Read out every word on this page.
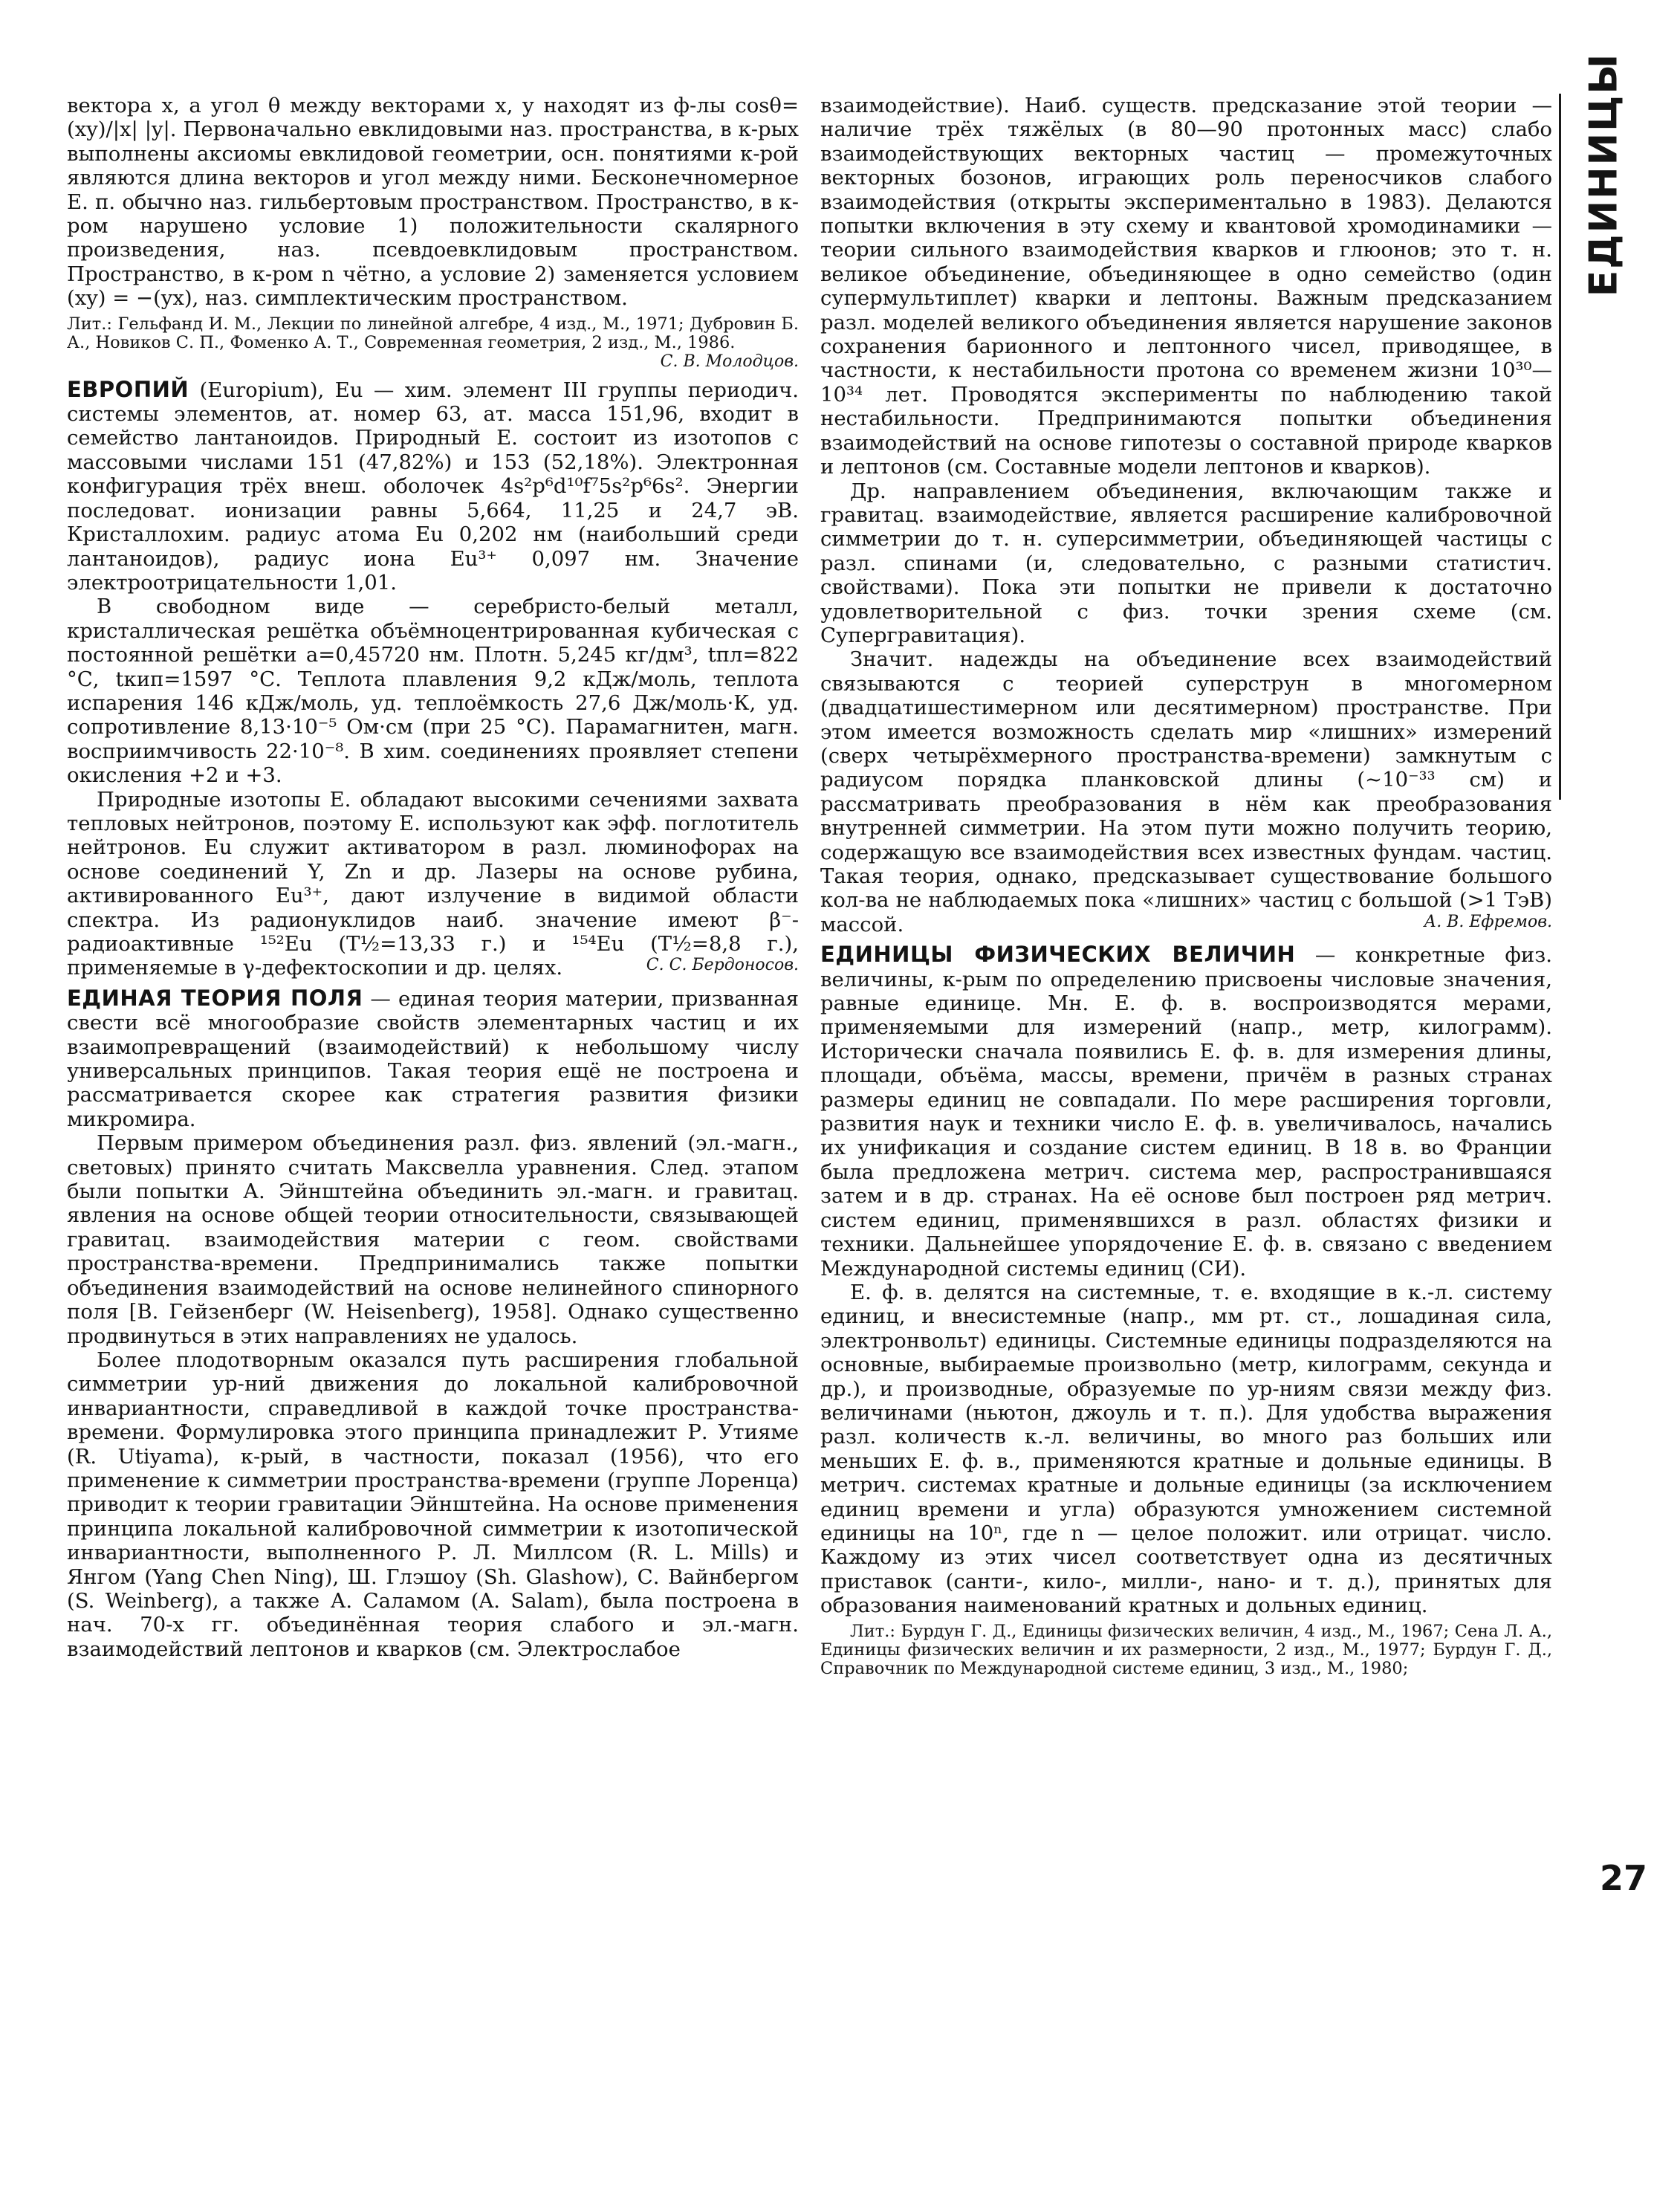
ЕДИНИЦЫ

вектора x, а угол θ между векторами x, y находят из ф-лы cosθ=(xy)/|x| |y|. Первоначально евклидовыми наз. пространства, в к-рых выполнены аксиомы евклидовой геометрии, осн. понятиями к-рой являются длина векторов и угол между ними. Бесконечномерное Е. п. обычно наз. гильбертовым пространством. Пространство, в к-ром нарушено условие 1) положительности скалярного произведения, наз. псевдоевклидовым пространством. Пространство, в к-ром n чётно, а условие 2) заменяется условием (xy) = −(yx), наз. симплектическим пространством.

Лит.: Гельфанд И. М., Лекции по линейной алгебре, 4 изд., М., 1971; Дубровин Б. А., Новиков С. П., Фоменко А. Т., Современная геометрия, 2 изд., М., 1986.

С. В. Молодцов.

ЕВРОПИЙ (Europium), Eu — хим. элемент III группы периодич. системы элементов, ат. номер 63, ат. масса 151,96, входит в семейство лантаноидов. Природный Е. состоит из изотопов с массовыми числами 151 (47,82%) и 153 (52,18%). Электронная конфигурация трёх внеш. оболочек 4s²p⁶d¹⁰f⁷5s²p⁶6s². Энергии последоват. ионизации равны 5,664, 11,25 и 24,7 эВ. Кристаллохим. радиус атома Eu 0,202 нм (наибольший среди лантаноидов), радиус иона Eu³⁺ 0,097 нм. Значение электроотрицательности 1,01.

В свободном виде — серебристо-белый металл, кристаллическая решётка объёмноцентрированная кубическая с постоянной решётки a=0,45720 нм. Плотн. 5,245 кг/дм³, tпл=822 °С, tкип=1597 °С. Теплота плавления 9,2 кДж/моль, теплота испарения 146 кДж/моль, уд. теплоёмкость 27,6 Дж/моль·К, уд. сопротивление 8,13·10⁻⁵ Ом·см (при 25 °С). Парамагнитен, магн. восприимчивость 22·10⁻⁸. В хим. соединениях проявляет степени окисления +2 и +3.

Природные изотопы Е. обладают высокими сечениями захвата тепловых нейтронов, поэтому Е. используют как эфф. поглотитель нейтронов. Eu служит активатором в разл. люминофорах на основе соединений Y, Zn и др. Лазеры на основе рубина, активированного Eu³⁺, дают излучение в видимой области спектра. Из радионуклидов наиб. значение имеют β⁻-радиоактивные ¹⁵²Eu (T½=13,33 г.) и ¹⁵⁴Eu (T½=8,8 г.), применяемые в γ-дефектоскопии и др. целях.	С. С. Бердоносов.

ЕДИНАЯ ТЕОРИЯ ПОЛЯ — единая теория материи, призванная свести всё многообразие свойств элементарных частиц и их взаимопревращений (взаимодействий) к небольшому числу универсальных принципов. Такая теория ещё не построена и рассматривается скорее как стратегия развития физики микромира.

Первым примером объединения разл. физ. явлений (эл.-магн., световых) принято считать Максвелла уравнения. След. этапом были попытки А. Эйнштейна объединить эл.-магн. и гравитац. явления на основе общей теории относительности, связывающей гравитац. взаимодействия материи с геом. свойствами пространства-времени. Предпринимались также попытки объединения взаимодействий на основе нелинейного спинорного поля [В. Гейзенберг (W. Heisenberg), 1958]. Однако существенно продвинуться в этих направлениях не удалось.

Более плодотворным оказался путь расширения глобальной симметрии ур-ний движения до локальной калибровочной инвариантности, справедливой в каждой точке пространства-времени. Формулировка этого принципа принадлежит Р. Утияме (R. Utiyama), к-рый, в частности, показал (1956), что его применение к симметрии пространства-времени (группе Лоренца) приводит к теории гравитации Эйнштейна. На основе применения принципа локальной калибровочной симметрии к изотопической инвариантности, выполненного Р. Л. Миллсом (R. L. Mills) и Янгом (Yang Chen Ning), Ш. Глэшоу (Sh. Glashow), С. Вайнбергом (S. Weinberg), а также А. Саламом (A. Salam), была построена в нач. 70-х гг. объединённая теория слабого и эл.-магн. взаимодействий лептонов и кварков (см. Электрослабое

взаимодействие). Наиб. существ. предсказание этой теории — наличие трёх тяжёлых (в 80—90 протонных масс) слабо взаимодействующих векторных частиц — промежуточных векторных бозонов, играющих роль переносчиков слабого взаимодействия (открыты экспериментально в 1983). Делаются попытки включения в эту схему и квантовой хромодинамики — теории сильного взаимодействия кварков и глюонов; это т. н. великое объединение, объединяющее в одно семейство (один супермультиплет) кварки и лептоны. Важным предсказанием разл. моделей великого объединения является нарушение законов сохранения барионного и лептонного чисел, приводящее, в частности, к нестабильности протона со временем жизни 10³⁰—10³⁴ лет. Проводятся эксперименты по наблюдению такой нестабильности. Предпринимаются попытки объединения взаимодействий на основе гипотезы о составной природе кварков и лептонов (см. Составные модели лептонов и кварков).

Др. направлением объединения, включающим также и гравитац. взаимодействие, является расширение калибровочной симметрии до т. н. суперсимметрии, объединяющей частицы с разл. спинами (и, следовательно, с разными статистич. свойствами). Пока эти попытки не привели к достаточно удовлетворительной с физ. точки зрения схеме (см. Супергравитация).

Значит. надежды на объединение всех взаимодействий связываются с теорией суперструн в многомерном (двадцатишестимерном или десятимерном) пространстве. При этом имеется возможность сделать мир «лишних» измерений (сверх четырёхмерного пространства-времени) замкнутым с радиусом порядка планковской длины (~10⁻³³ см) и рассматривать преобразования в нём как преобразования внутренней симметрии. На этом пути можно получить теорию, содержащую все взаимодействия всех известных фундам. частиц. Такая теория, однако, предсказывает существование большого кол-ва не наблюдаемых пока «лишних» частиц с большой (>1 ТэВ) массой.	А. В. Ефремов.

ЕДИНИЦЫ ФИЗИЧЕСКИХ ВЕЛИЧИН — конкретные физ. величины, к-рым по определению присвоены числовые значения, равные единице. Мн. Е. ф. в. воспроизводятся мерами, применяемыми для измерений (напр., метр, килограмм). Исторически сначала появились Е. ф. в. для измерения длины, площади, объёма, массы, времени, причём в разных странах размеры единиц не совпадали. По мере расширения торговли, развития наук и техники число Е. ф. в. увеличивалось, начались их унификация и создание систем единиц. В 18 в. во Франции была предложена метрич. система мер, распространившаяся затем и в др. странах. На её основе был построен ряд метрич. систем единиц, применявшихся в разл. областях физики и техники. Дальнейшее упорядочение Е. ф. в. связано с введением Международной системы единиц (СИ).

Е. ф. в. делятся на системные, т. е. входящие в к.-л. систему единиц, и внесистемные (напр., мм рт. ст., лошадиная сила, электронвольт) единицы. Системные единицы подразделяются на основные, выбираемые произвольно (метр, килограмм, секунда и др.), и производные, образуемые по ур-ниям связи между физ. величинами (ньютон, джоуль и т. п.). Для удобства выражения разл. количеств к.-л. величины, во много раз больших или меньших Е. ф. в., применяются кратные и дольные единицы. В метрич. системах кратные и дольные единицы (за исключением единиц времени и угла) образуются умножением системной единицы на 10ⁿ, где n — целое положит. или отрицат. число. Каждому из этих чисел соответствует одна из десятичных приставок (санти-, кило-, милли-, нано- и т. д.), принятых для образования наименований кратных и дольных единиц.

Лит.: Бурдун Г. Д., Единицы физических величин, 4 изд., М., 1967; Сена Л. А., Единицы физических величин и их размерности, 2 изд., М., 1977; Бурдун Г. Д., Справочник по Международной системе единиц, 3 изд., М., 1980;

27
